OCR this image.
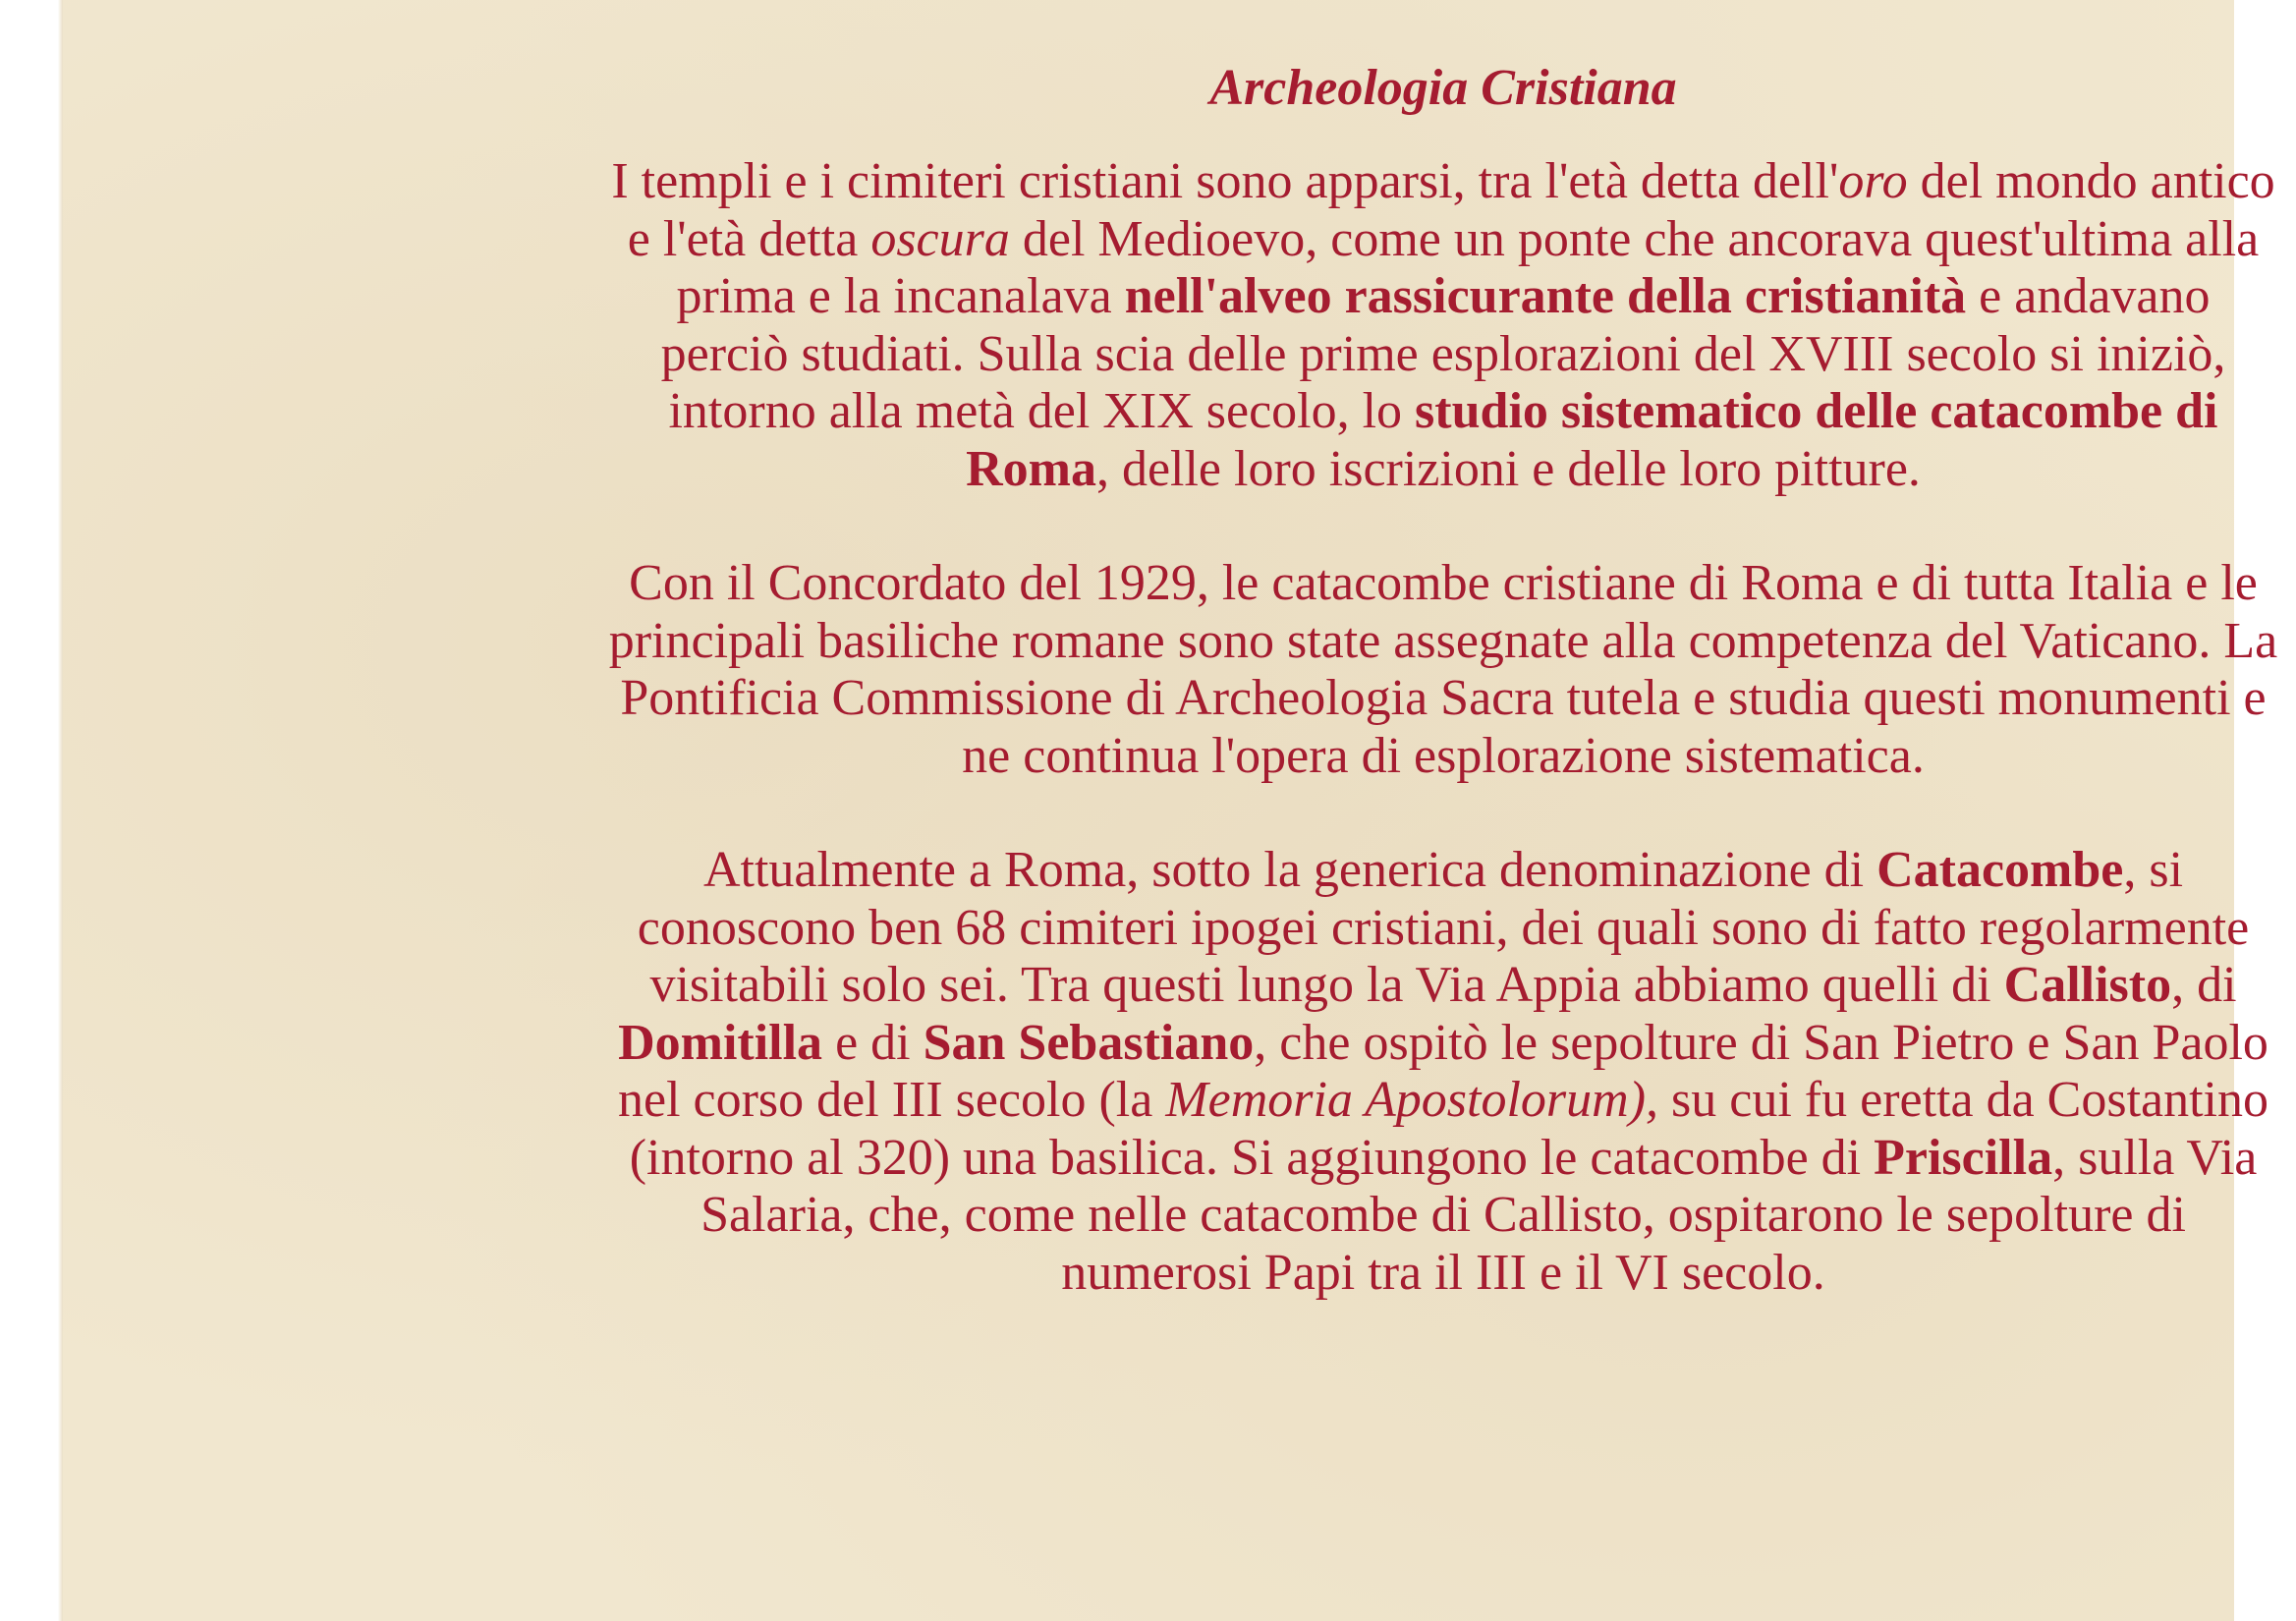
Archeologia Cristiana

I templi e i cimiteri cristiani sono apparsi, tra l'età detta dell'oro del mondo antico e l'età detta oscura del Medioevo, come un ponte che ancorava quest'ultima alla prima e la incanalava nell'alveo rassicurante della cristianità e andavano perciò studiati. Sulla scia delle prime esplorazioni del XVIII secolo si iniziò, intorno alla metà del XIX secolo, lo studio sistematico delle catacombe di Roma, delle loro iscrizioni e delle loro pitture.

Con il Concordato del 1929, le catacombe cristiane di Roma e di tutta Italia e le principali basiliche romane sono state assegnate alla competenza del Vaticano. La Pontificia Commissione di Archeologia Sacra tutela e studia questi monumenti e ne continua l'opera di esplorazione sistematica.

Attualmente a Roma, sotto la generica denominazione di Catacombe, si conoscono ben 68 cimiteri ipogei cristiani, dei quali sono di fatto regolarmente visitabili solo sei. Tra questi lungo la Via Appia abbiamo quelli di Callisto, di Domitilla e di San Sebastiano, che ospitò le sepolture di San Pietro e San Paolo nel corso del III secolo (la Memoria Apostolorum), su cui fu eretta da Costantino (intorno al 320) una basilica. Si aggiungono le catacombe di Priscilla, sulla Via Salaria, che, come nelle catacombe di Callisto, ospitarono le sepolture di numerosi Papi tra il III e il VI secolo.
